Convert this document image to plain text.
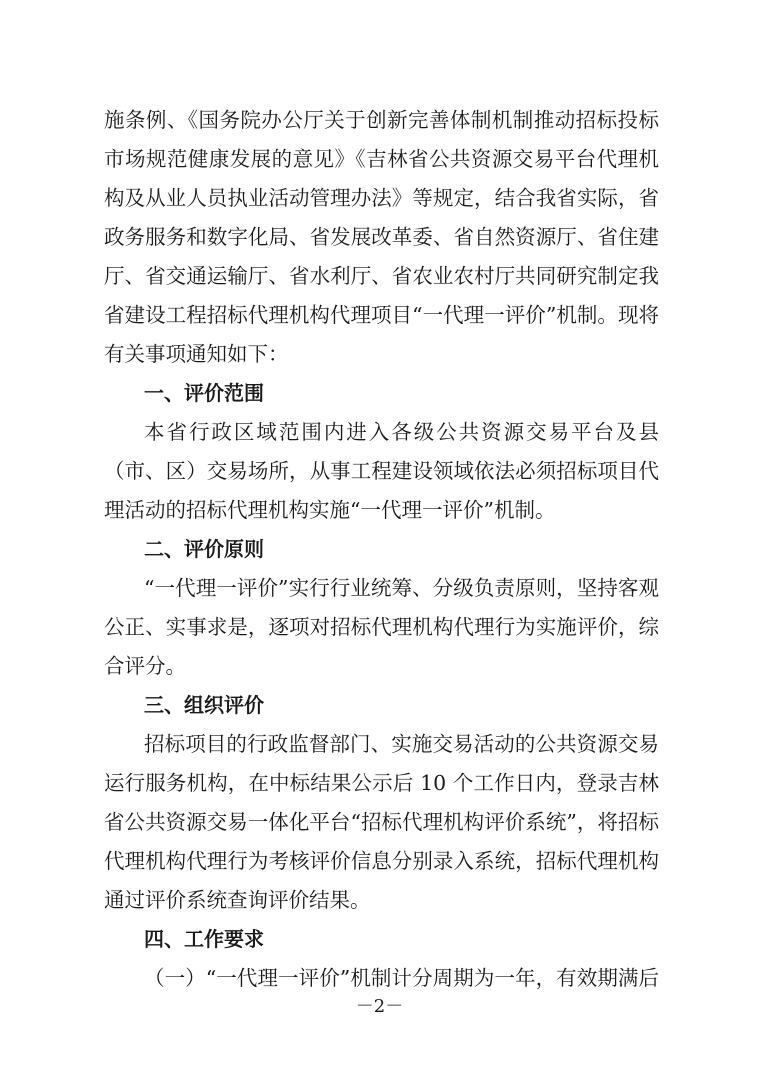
施条例、《国务院办公厅关于创新完善体制机制推动招标投标
市场规范健康发展的意见》《吉林省公共资源交易平台代理机
构及从业人员执业活动管理办法》等规定，结合我省实际，省
政务服务和数字化局、省发展改革委、省自然资源厅、省住建
厅、省交通运输厅、省水利厅、省农业农村厅共同研究制定我
省建设工程招标代理机构代理项目“一代理一评价”机制。现将
有关事项通知如下：
一、评价范围
本省行政区域范围内进入各级公共资源交易平台及县
（市、区）交易场所，从事工程建设领域依法必须招标项目代
理活动的招标代理机构实施“一代理一评价”机制。
二、评价原则
“一代理一评价”实行行业统筹、分级负责原则，坚持客观
公正、实事求是，逐项对招标代理机构代理行为实施评价，综
合评分。
三、组织评价
招标项目的行政监督部门、实施交易活动的公共资源交易
运行服务机构，在中标结果公示后 10 个工作日内，登录吉林
省公共资源交易一体化平台“招标代理机构评价系统”，将招标
代理机构代理行为考核评价信息分别录入系统，招标代理机构
通过评价系统查询评价结果。
四、工作要求
（一）“一代理一评价”机制计分周期为一年，有效期满后
－2－
